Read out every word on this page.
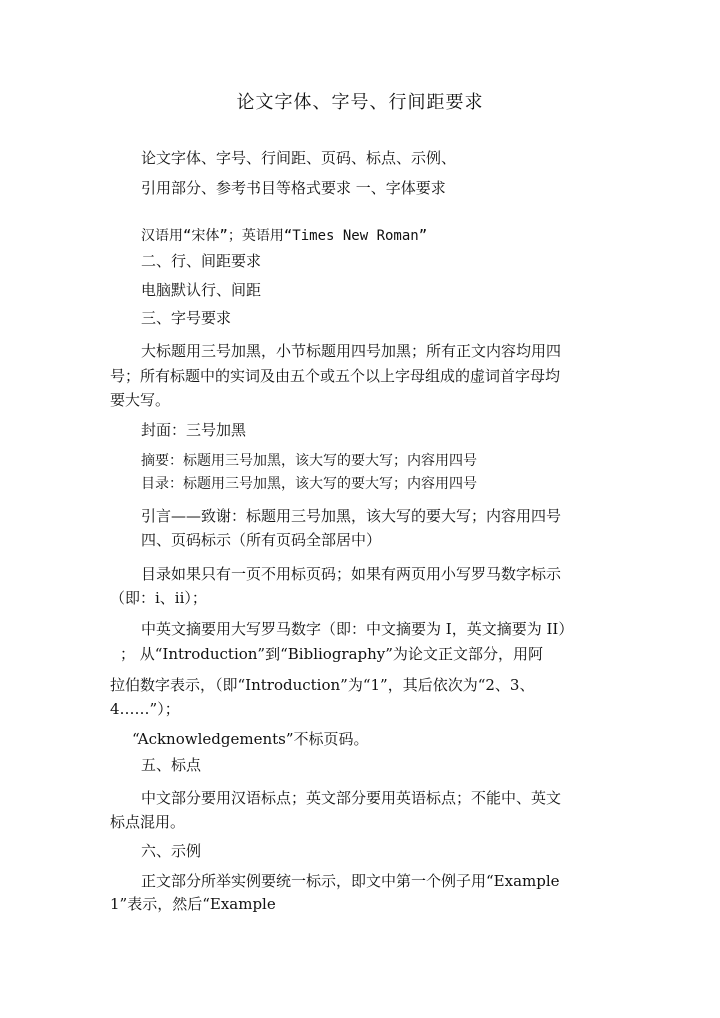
论文字体、字号、行间距要求
论文字体、字号、行间距、页码、标点、示例、
引用部分、参考书目等格式要求 一、字体要求
汉语用“宋体”；英语用“Times New Roman”
二、行、间距要求
电脑默认行、间距
三、字号要求
大标题用三号加黑，小节标题用四号加黑；所有正文内容均用四
号；所有标题中的实词及由五个或五个以上字母组成的虚词首字母均
要大写。
封面：三号加黑
摘要：标题用三号加黑，该大写的要大写；内容用四号
目录：标题用三号加黑，该大写的要大写；内容用四号
引言——致谢：标题用三号加黑，该大写的要大写；内容用四号
四、页码标示（所有页码全部居中）
目录如果只有一页不用标页码；如果有两页用小写罗马数字标示
（即：i、ii）；
中英文摘要用大写罗马数字（即：中文摘要为 I，英文摘要为 II）
； 从“Introduction”到“Bibliography”为论文正文部分，用阿
拉伯数字表示，（即“Introduction”为“1”，其后依次为“2、3、
4……”）；
“Acknowledgements”不标页码。
五、标点
中文部分要用汉语标点；英文部分要用英语标点；不能中、英文
标点混用。
六、示例
正文部分所举实例要统一标示，即文中第一个例子用“Example
1”表示，然后“Example
